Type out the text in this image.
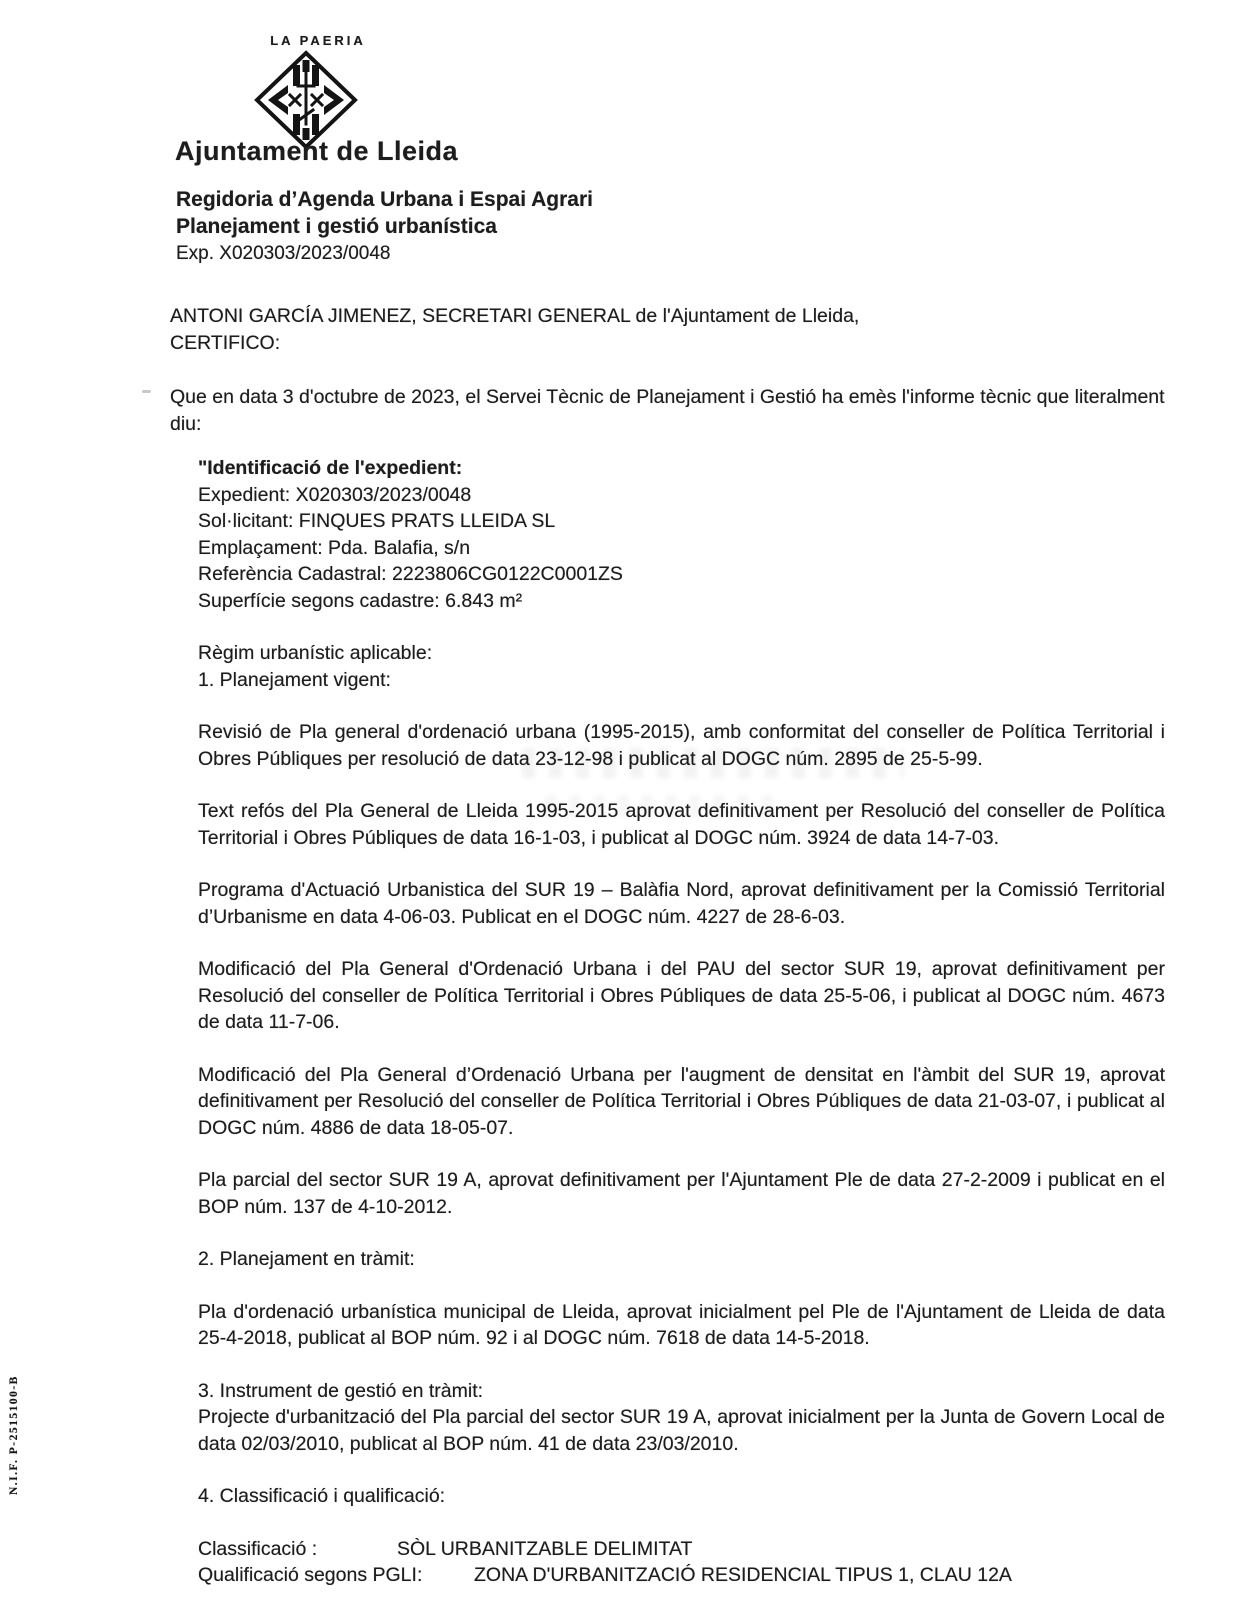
N.I.F. P-2515100-B
LA PAERIA
Ajuntament de Lleida
Regidoria d’Agenda Urbana i Espai Agrari
Planejament i gestió urbanística
Exp. X020303/2023/0048
ANTONI GARCÍA JIMENEZ, SECRETARI GENERAL de l'Ajuntament de Lleida,
CERTIFICO:
Que en data 3 d'octubre de 2023, el Servei Tècnic de Planejament i Gestió ha emès l'informe tècnic que literalment diu:
"Identificació de l'expedient:
Expedient: X020303/2023/0048
Sol·licitant: FINQUES PRATS LLEIDA SL
Emplaçament: Pda. Balafia, s/n
Referència Cadastral: 2223806CG0122C0001ZS
Superfície segons cadastre: 6.843 m²
Règim urbanístic aplicable:
1. Planejament vigent:
Revisió de Pla general d'ordenació urbana (1995-2015), amb conformitat del conseller de Política Territorial i Obres Públiques per resolució de data 23-12-98 i publicat al DOGC núm. 2895 de 25-5-99.
Text refós del Pla General de Lleida 1995-2015 aprovat definitivament per Resolució del conseller de Política Territorial i Obres Públiques de data 16-1-03, i publicat al DOGC núm. 3924 de data 14-7-03.
Programa d'Actuació Urbanistica del SUR 19 – Balàfia Nord, aprovat definitivament per la Comissió Territorial d’Urbanisme en data 4-06-03. Publicat en el DOGC núm. 4227 de 28-6-03.
Modificació del Pla General d'Ordenació Urbana i del PAU del sector SUR 19, aprovat definitivament per Resolució del conseller de Política Territorial i Obres Públiques de data 25-5-06, i publicat al DOGC núm. 4673 de data 11-7-06.
Modificació del Pla General d’Ordenació Urbana per l'augment de densitat en l'àmbit del SUR 19, aprovat definitivament per Resolució del conseller de Política Territorial i Obres Públiques de data 21-03-07, i publicat al DOGC núm. 4886 de data 18-05-07.
Pla parcial del sector SUR 19 A, aprovat definitivament per l'Ajuntament Ple de data 27-2-2009 i publicat en el BOP núm. 137 de 4-10-2012.
2. Planejament en tràmit:
Pla d'ordenació urbanística municipal de Lleida, aprovat inicialment pel Ple de l'Ajuntament de Lleida de data 25-4-2018, publicat al BOP núm. 92 i al DOGC núm. 7618 de data 14-5-2018.
3. Instrument de gestió en tràmit:
Projecte d'urbanització del Pla parcial del sector SUR 19 A, aprovat inicialment per la Junta de Govern Local de data 02/03/2010, publicat al BOP núm. 41 de data 23/03/2010.
4. Classificació i qualificació:
Classificació :	SÒL URBANITZABLE DELIMITAT
Qualificació segons PGLI:	ZONA D'URBANITZACIÓ RESIDENCIAL TIPUS 1, CLAU 12A
